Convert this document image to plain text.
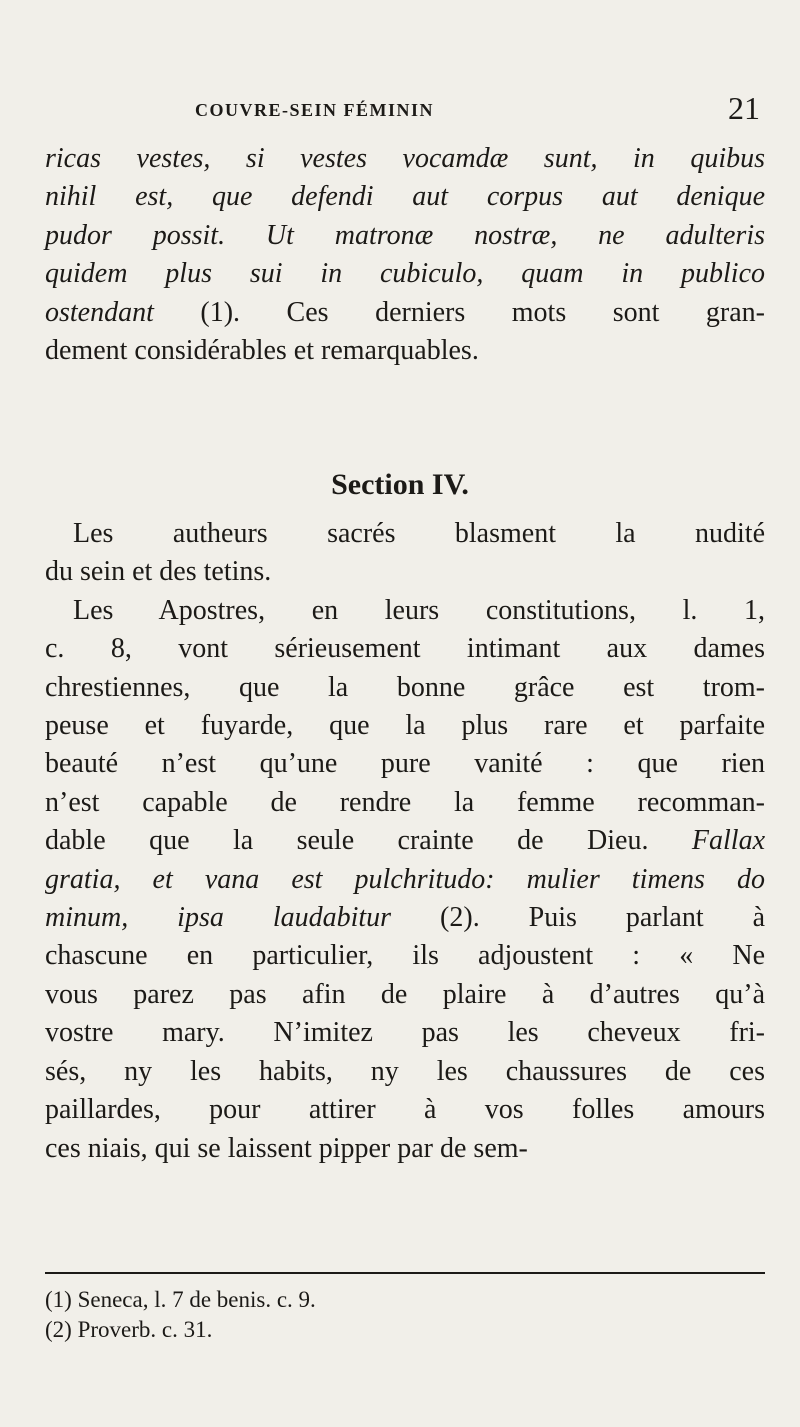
COUVRE-SEIN FÉMININ	21
ricas vestes, si vestes vocamdæ sunt, in quibus
nihil est, que defendi aut corpus aut denique
pudor possit. Ut matronæ nostræ, ne adulteris
quidem plus sui in cubiculo, quam in publico
ostendant (1). Ces derniers mots sont gran-
dement considérables et remarquables.
Section IV.
Les autheurs sacrés blasment la nudité
du sein et des tetins.
Les Apostres, en leurs constitutions, l. 1,
c. 8, vont sérieusement intimant aux dames
chrestiennes, que la bonne grâce est trom-
peuse et fuyarde, que la plus rare et parfaite
beauté n’est qu’une pure vanité : que rien
n’est capable de rendre la femme recomman-
dable que la seule crainte de Dieu. Fallax
gratia, et vana est pulchritudo: mulier timens do
minum, ipsa laudabitur (2). Puis parlant à
chascune en particulier, ils adjoustent : « Ne
vous parez pas afin de plaire à d’autres qu’à
vostre mary. N’imitez pas les cheveux fri-
sés, ny les habits, ny les chaussures de ces
paillardes, pour attirer à vos folles amours
ces niais, qui se laissent pipper par de sem-
(1) Seneca, l. 7 de benis. c. 9.
(2) Proverb. c. 31.
